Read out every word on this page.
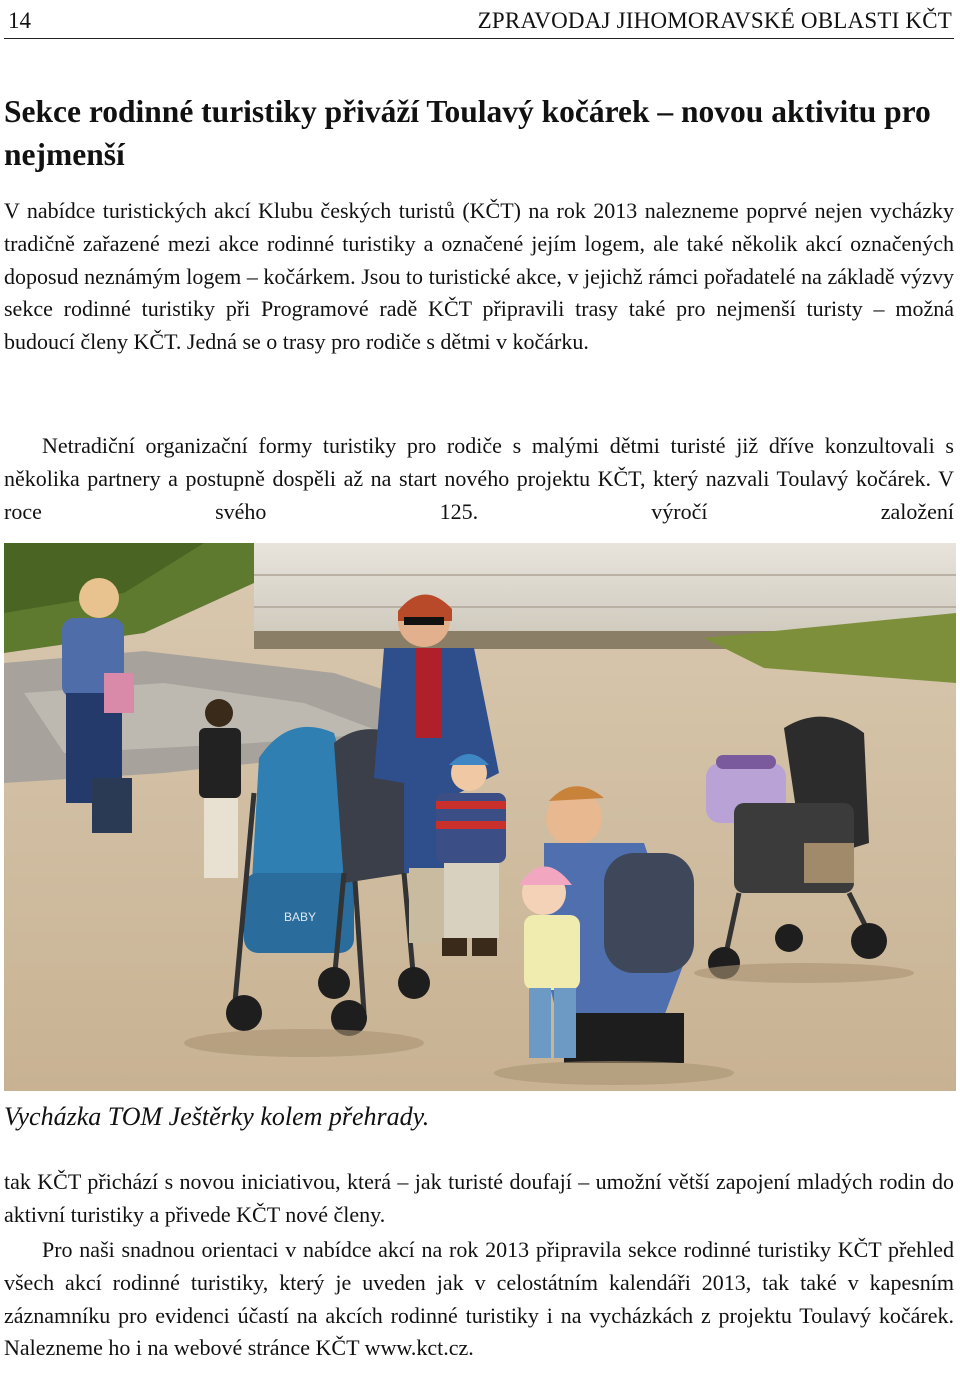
14	ZPRAVODAJ JIHOMORAVSKÉ OBLASTI KČT
Sekce rodinné turistiky přiváží Toulavý kočárek – novou aktivitu pro nejmenší

V nabídce turistických akcí Klubu českých turistů (KČT) na rok 2013 nalezneme poprvé nejen vycházky tradičně zařazené mezi akce rodinné turistiky a označené jejím logem, ale také několik akcí označených doposud neznámým logem – kočárkem. Jsou to turistické akce, v jejichž rámci pořadatelé na základě výzvy sekce rodinné turistiky při Programové radě KČT připravili trasy také pro nejmenší turisty – možná budoucí členy KČT. Jedná se o trasy pro rodiče s dětmi v kočárku.

Netradiční organizační formy turistiky pro rodiče s malými dětmi turisté již dříve konzultovali s několika partnery a postupně dospěli až na start nového projektu KČT, který nazvali Toulavý kočárek. V roce svého 125. výročí založení

BABY

Vycházka TOM Ještěrky kolem přehrady.

tak KČT přichází s novou iniciativou, která – jak turisté doufají – umožní větší zapojení mladých rodin do aktivní turistiky a přivede KČT nové členy.

Pro naši snadnou orientaci v nabídce akcí na rok 2013 připravila sekce rodinné turistiky KČT přehled všech akcí rodinné turistiky, který je uveden jak v celostátním kalendáři 2013, tak také v kapesním záznamníku pro evidenci účastí na akcích rodinné turistiky i na vycházkách z projektu Toulavý kočárek. Nalezneme ho i na webové stránce KČT www.kct.cz.
